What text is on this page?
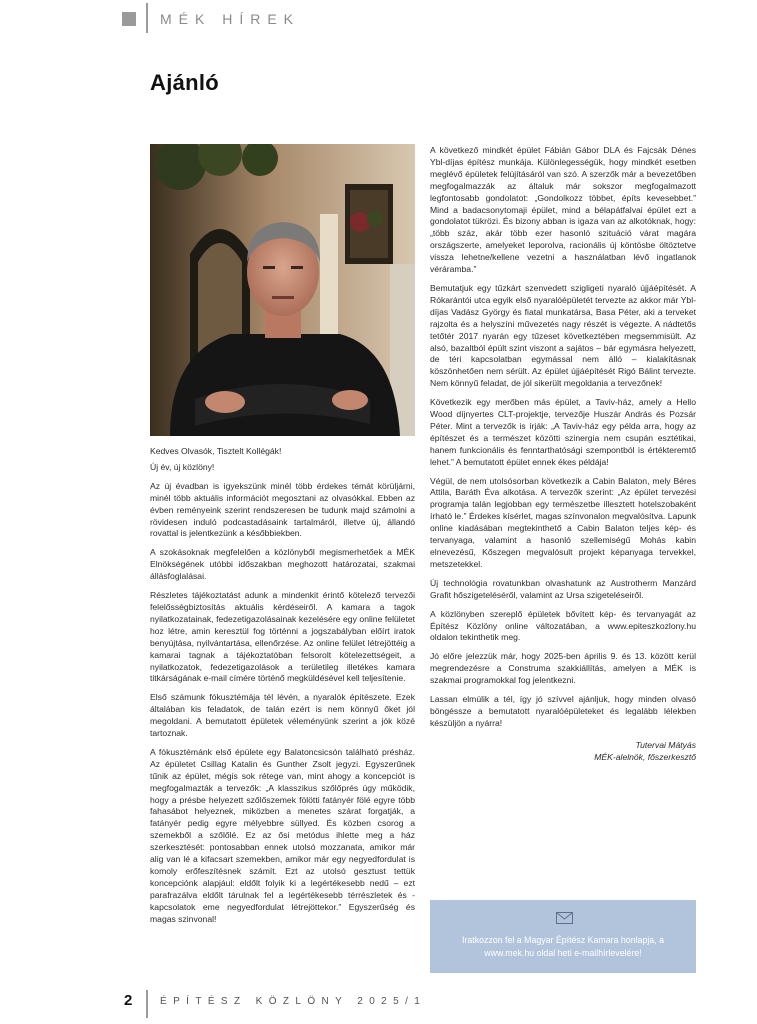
MÉK HÍREK
Ajánló

Kedves Olvasók, Tisztelt Kollégák!

Új év, új közlöny!

Az új évadban is igyekszünk minél több érdekes témát körüljárni, minél több aktuális információt megosztani az olvasókkal. Ebben az évben reményeink szerint rendszeresen be tudunk majd számolni a rövidesen induló podcastadásaink tartalmáról, illetve új, állandó rovattal is jelentkezünk a későbbiekben.

A szokásoknak megfelelően a közlönyből megismerhetőek a MÉK Elnökségének utóbbi időszakban meghozott határozatai, szakmai állásfoglalásai.

Részletes tájékoztatást adunk a mindenkit érintő kötelező tervezői felelősségbiztosítás aktuális kérdéseiről. A kamara a tagok nyilatkozatainak, fedezetigazolásainak kezelésére egy online felületet hoz létre, amin keresztül fog történni a jogszabályban előírt iratok benyújtása, nyilvántartása, ellenőrzése. Az online felület létrejöttéig a kamarai tagnak a tájékoztatóban felsorolt kötelezettségeit, a nyilatkozatok, fedezetigazolások a területileg illetékes kamara titkárságának e-mail címére történő megküldésével kell teljesítenie.

Első számunk fókusztémája tél lévén, a nyaralók építészete. Ezek általában kis feladatok, de talán ezért is nem könnyű őket jól megoldani. A bemutatott épületek véleményünk szerint a jók közé tartoznak.

A fókusztémánk első épülete egy Balatoncsicsón található présház. Az épületet Csillag Katalin és Gunther Zsolt jegyzi. Egyszerűnek tűnik az épület, mégis sok rétege van, mint ahogy a koncepciót is megfogalmazták a tervezők: „A klasszikus szőlőprés úgy működik, hogy a présbe helyezett szőlőszemek fölötti fatányér fölé egyre több fahasábot helyeznek, miközben a menetes szárat forgatják, a fatányér pedig egyre mélyebbre süllyed. És közben csorog a szemekből a szőlőlé. Ez az ősi metódus ihlette meg a ház szerkesztését: pontosabban ennek utolsó mozzanata, amikor már alig van lé a kifacsart szemekben, amikor már egy negyedfordulat is komoly erőfeszítésnek számít. Ezt az utolsó gesztust tettük koncepciónk alapjául: eldőlt folyik ki a legértékesebb nedű – ezt parafrazálva eldőlt tárulnak fel a legértékesebb térrészletek és -kapcsolatok eme negyedfordulat létrejöttekor.” Egyszerűség és magas szinvonal!

A következő mindkét épület Fábián Gábor DLA és Fajcsák Dénes Ybl-díjas építész munkája. Különlegességük, hogy mindkét esetben meglévő épületek felújításáról van szó. A szerzők már a bevezetőben megfogalmazzák az általuk már sokszor megfogalmazott legfontosabb gondolatot: „Gondolkozz többet, építs kevesebbet.” Mind a badacsonytomaji épület, mind a bélapátfalvai épület ezt a gondolatot tükrözi. És bizony abban is igaza van az alkotóknak, hogy: „több száz, akár több ezer hasonló szituáció várat magára országszerte, amelyeket leporolva, racionális új köntösbe öltöztetve vissza lehetne/kellene vezetni a használatban lévő ingatlanok vérárambа.”

Bemutatjuk egy tűzkárt szenvedett szigligeti nyaraló újjáépítését. A Rókarántói utca egyik első nyaralóépületét tervezte az akkor már Ybl-díjas Vadász György és fiatal munkatársa, Basa Péter, aki a terveket rajzolta és a helyszíni művezetés nagy részét is végezte. A nádtetős tetőtér 2017 nyarán egy tűzeset következtében megsemmisült. Az alsó, bazaltból épült szint viszont a sajátos – bár egymásra helyezett, de téri kapcsolatban egymással nem álló – kialakításnak köszönhetően nem sérült. Az épület újjáépítését Rigó Bálint tervezte. Nem könnyű feladat, de jól sikerült megoldania a tervezőnek!

Következik egy merőben más épület, a Taviv-ház, amely a Hello Wood díjnyertes CLT-projektje, tervezője Huszár András és Pozsár Péter. Mint a tervezők is írják: „A Taviv-ház egy példa arra, hogy az építészet és a természet közötti szinergia nem csupán esztétikai, hanem funkcionális és fenntarthatósági szempontból is értékteremtő lehet.” A bemutatott épület ennek ékes példája!

Végül, de nem utolsósorban következik a Cabin Balaton, mely Béres Attila, Baráth Éva alkotása. A tervezők szerint: „Az épület tervezési programja talán legjobban egy természetbe illesztett hotelszobaként írható le.” Érdekes kísérlet, magas színvonalon megvalósítva. Lapunk online kiadásában megtekinthető a Cabin Balaton teljes kép- és tervanyaga, valamint a hasonló szellemiségű Mohás kabin elnevezésű, Kőszegen megvalósult projekt képanyaga tervekkel, metszetekkel.

Új technológia rovatunkban olvashatunk az Austrotherm Manzárd Grafit hőszigeteléséről, valamint az Ursa szigeteléseiről.

A közlönyben szereplő épületek bővített kép- és tervanyagát az Építész Közlöny online változatában, a www.epiteszkozlony.hu oldalon tekinthetik meg.

Jó előre jelezzük már, hogy 2025-ben április 9. és 13. között kerül megrendezésre a Construma szakkiállítás, amelyen a MÉK is szakmai programokkal fog jelentkezni.

Lassan elmúlik a tél, így jó szívvel ajánljuk, hogy minden olvasó böngéssze a bemutatott nyaralóépületeket és legalább lélekben készüljön a nyárra!

Tutervai Mátyás

MÉK-alelnök, főszerkesztő

Iratkozzon fel a Magyar Építész Kamara honlapja, a www.mek.hu oldal heti e-mailhírlevelére!
2	ÉPÍTÉSZ KÖZLÖNY 2025/1
